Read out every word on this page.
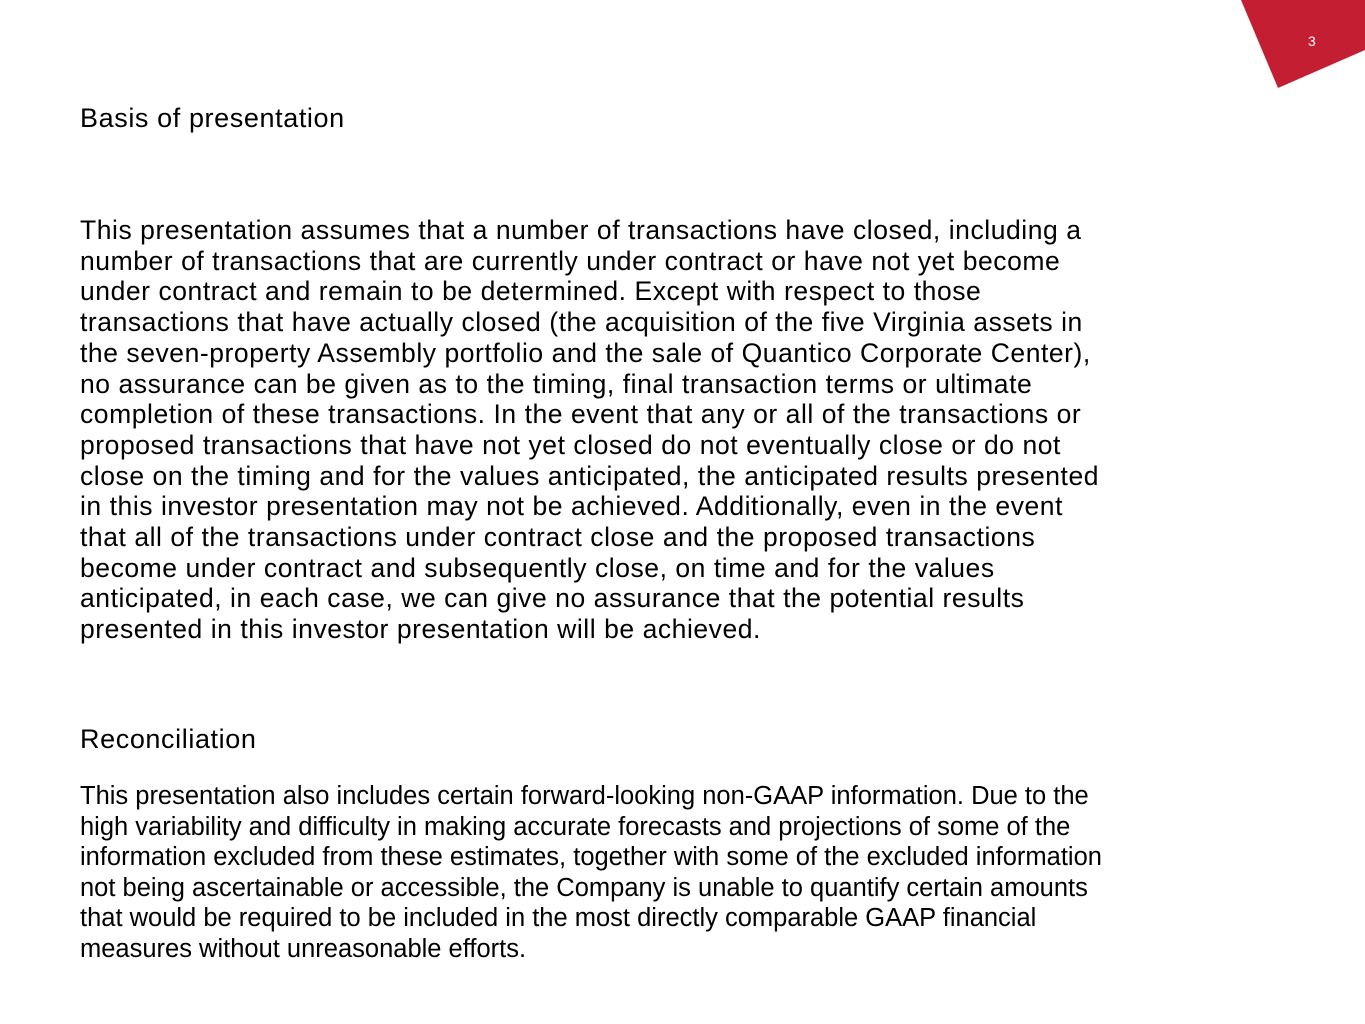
3
Basis of presentation

This presentation assumes that a number of transactions have closed, including a
number of transactions that are currently under contract or have not yet become
under contract and remain to be determined. Except with respect to those
transactions that have actually closed (the acquisition of the five Virginia assets in
the seven-property Assembly portfolio and the sale of Quantico Corporate Center),
no assurance can be given as to the timing, final transaction terms or ultimate
completion of these transactions. In the event that any or all of the transactions or
proposed transactions that have not yet closed do not eventually close or do not
close on the timing and for the values anticipated, the anticipated results presented
in this investor presentation may not be achieved. Additionally, even in the event
that all of the transactions under contract close and the proposed transactions
become under contract and subsequently close, on time and for the values
anticipated, in each case, we can give no assurance that the potential results
presented in this investor presentation will be achieved.

Reconciliation

This presentation also includes certain forward-looking non-GAAP information. Due to the
high variability and difficulty in making accurate forecasts and projections of some of the
information excluded from these estimates, together with some of the excluded information
not being ascertainable or accessible, the Company is unable to quantify certain amounts
that would be required to be included in the most directly comparable GAAP financial
measures without unreasonable efforts.
